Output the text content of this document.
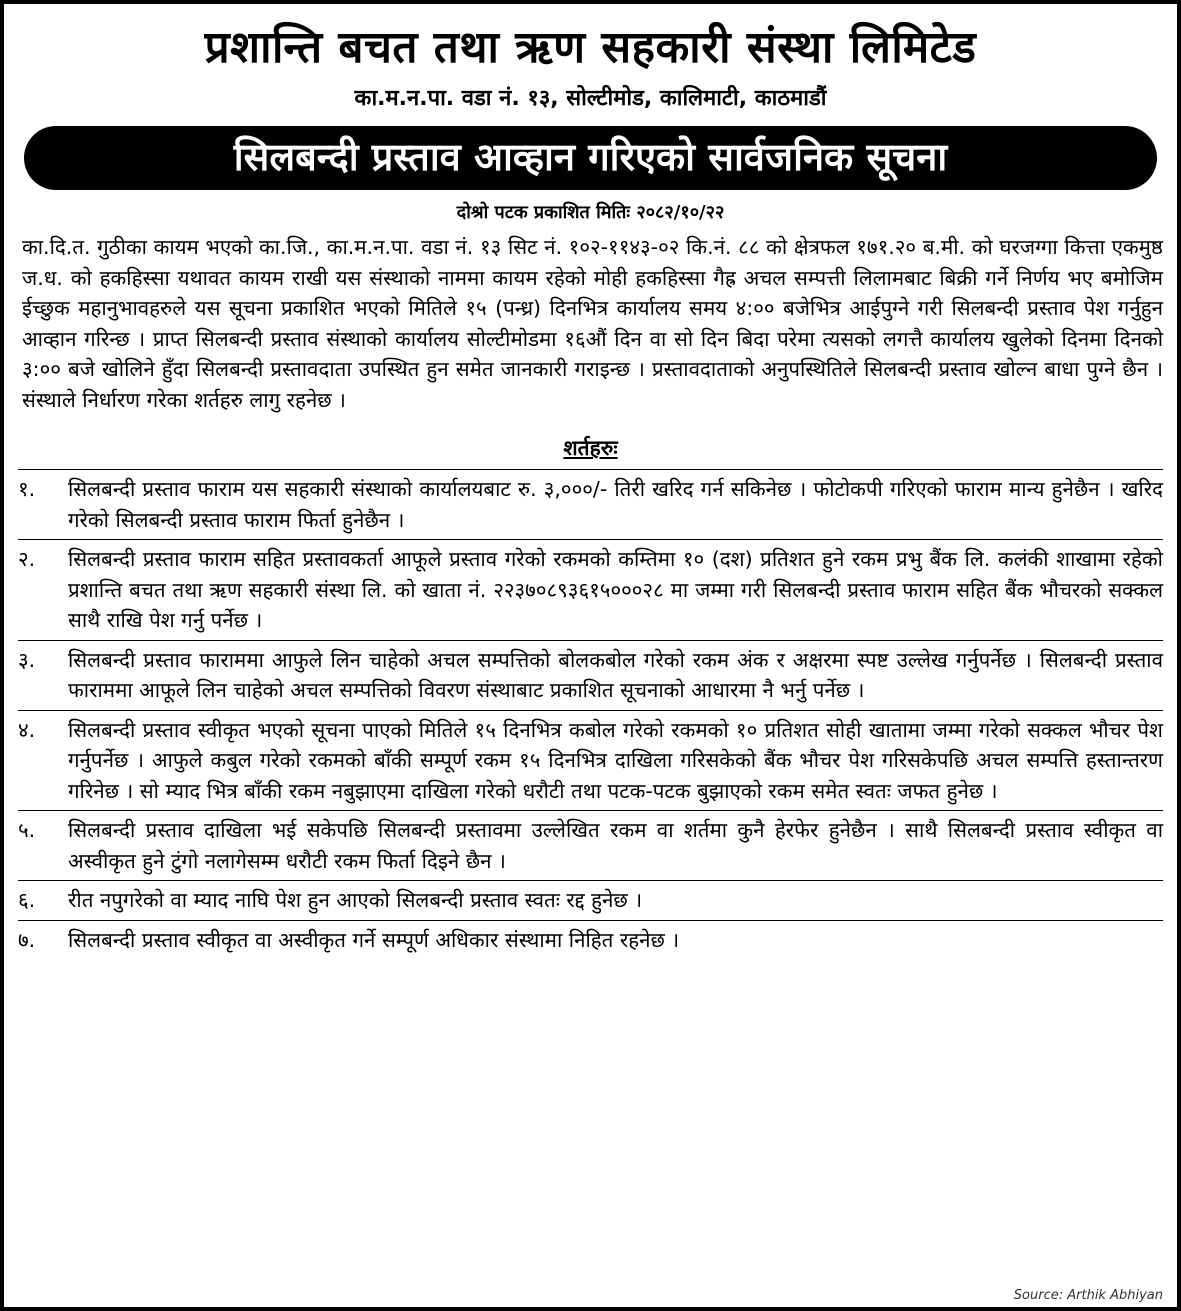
प्रशान्ति बचत तथा ऋण सहकारी संस्था लिमिटेड
का.म.न.पा. वडा नं. १३, सोल्टीमोड, कालिमाटी, काठमाडौं
सिलबन्दी प्रस्ताव आव्हान गरिएको सार्वजनिक सूचना
दोश्रो पटक प्रकाशित मितिः २०८२/१०/२२
का.दि.त. गुठीका कायम भएको का.जि., का.म.न.पा. वडा नं. १३ सिट नं. १०२-११४३-०२ कि.नं. ८८ को क्षेत्रफल १७१.२० ब.मी. को घरजग्गा कित्ता एकमुष्ठ ज.ध. को हकहिस्सा यथावत कायम राखी यस संस्थाको नाममा कायम रहेको मोही हकहिस्सा गैह्र अचल सम्पत्ती लिलामबाट बिक्री गर्ने निर्णय भए बमोजिम ईच्छुक महानुभावहरुले यस सूचना प्रकाशित भएको मितिले १५ (पन्ध्र) दिनभित्र कार्यालय समय ४:०० बजेभित्र आईपुग्ने गरी सिलबन्दी प्रस्ताव पेश गर्नुहुन आव्हान गरिन्छ । प्राप्त सिलबन्दी प्रस्ताव संस्थाको कार्यालय सोल्टीमोडमा १६औं दिन वा सो दिन बिदा परेमा त्यसको लगत्तै कार्यालय खुलेको दिनमा दिनको ३:०० बजे खोलिने हुँदा सिलबन्दी प्रस्तावदाता उपस्थित हुन समेत जानकारी गराइन्छ । प्रस्तावदाताको अनुपस्थितिले सिलबन्दी प्रस्ताव खोल्न बाधा पुग्ने छैन । संस्थाले निर्धारण गरेका शर्तहरु लागु रहनेछ ।
शर्तहरुः
१.	सिलबन्दी प्रस्ताव फाराम यस सहकारी संस्थाको कार्यालयबाट रु. ३,०००/- तिरी खरिद गर्न सकिनेछ । फोटोकपी गरिएको फाराम मान्य हुनेछैन । खरिद गरेको सिलबन्दी प्रस्ताव फाराम फिर्ता हुनेछैन ।
२.	सिलबन्दी प्रस्ताव फाराम सहित प्रस्तावकर्ता आफूले प्रस्ताव गरेको रकमको कम्तिमा १० (दश) प्रतिशत हुने रकम प्रभु बैंक लि. कलंकी शाखामा रहेको प्रशान्ति बचत तथा ऋण सहकारी संस्था लि. को खाता नं. २२३७०८९३६१५०००२८ मा जम्मा गरी सिलबन्दी प्रस्ताव फाराम सहित बैंक भौचरको सक्कल साथै राखि पेश गर्नु पर्नेछ ।
३.	सिलबन्दी प्रस्ताव फाराममा आफुले लिन चाहेको अचल सम्पत्तिको बोलकबोल गरेको रकम अंक र अक्षरमा स्पष्ट उल्लेख गर्नुपर्नेछ । सिलबन्दी प्रस्ताव फाराममा आफूले लिन चाहेको अचल सम्पत्तिको विवरण संस्थाबाट प्रकाशित सूचनाको आधारमा नै भर्नु पर्नेछ ।
४.	सिलबन्दी प्रस्ताव स्वीकृत भएको सूचना पाएको मितिले १५ दिनभित्र कबोल गरेको रकमको १० प्रतिशत सोही खातामा जम्मा गरेको सक्कल भौचर पेश गर्नुपर्नेछ । आफुले कबुल गरेको रकमको बाँकी सम्पूर्ण रकम १५ दिनभित्र दाखिला गरिसकेको बैंक भौचर पेश गरिसकेपछि अचल सम्पत्ति हस्तान्तरण गरिनेछ । सो म्याद भित्र बाँकी रकम नबुझाएमा दाखिला गरेको धरौटी तथा पटक-पटक बुझाएको रकम समेत स्वतः जफत हुनेछ ।
५.	सिलबन्दी प्रस्ताव दाखिला भई सकेपछि सिलबन्दी प्रस्तावमा उल्लेखित रकम वा शर्तमा कुनै हेरफेर हुनेछैन । साथै सिलबन्दी प्रस्ताव स्वीकृत वा अस्वीकृत हुने टुंगो नलागेसम्म धरौटी रकम फिर्ता दिइने छैन ।
६.	रीत नपुगरेको वा म्याद नाघि पेश हुन आएको सिलबन्दी प्रस्ताव स्वतः रद्द हुनेछ ।
७.	सिलबन्दी प्रस्ताव स्वीकृत वा अस्वीकृत गर्ने सम्पूर्ण अधिकार संस्थामा निहित रहनेछ ।
Source: Arthik Abhiyan
